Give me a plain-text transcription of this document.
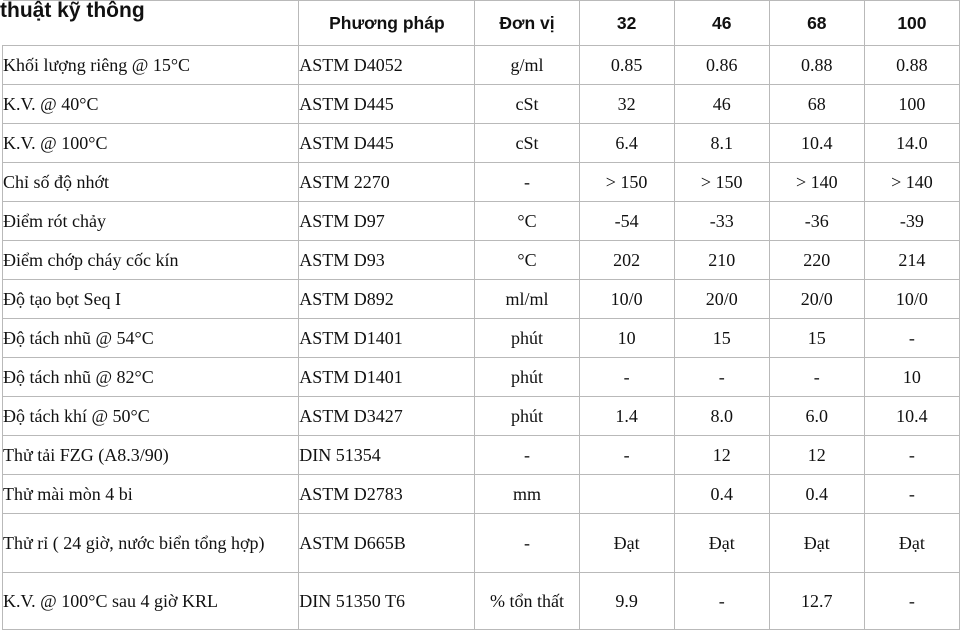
thuật kỹ thông
	Phương pháp	Đơn vị	32	46	68	100
Khối lượng riêng @ 15°C	ASTM D4052	g/ml	0.85	0.86	0.88	0.88
K.V. @ 40°C	ASTM D445	cSt	32	46	68	100
K.V. @ 100°C	ASTM D445	cSt	6.4	8.1	10.4	14.0
Chỉ số độ nhớt	ASTM 2270	-	> 150	> 150	> 140	> 140
Điểm rót chảy	ASTM D97	°C	-54	-33	-36	-39
Điểm chớp cháy cốc kín	ASTM D93	°C	202	210	220	214
Độ tạo bọt Seq I	ASTM D892	ml/ml	10/0	20/0	20/0	10/0
Độ tách nhũ @ 54°C	ASTM D1401	phút	10	15	15	-
Độ tách nhũ @ 82°C	ASTM D1401	phút	-	-	-	10
Độ tách khí @ 50°C	ASTM D3427	phút	1.4	8.0	6.0	10.4
Thử tải FZG (A8.3/90)	DIN 51354	-	-	12	12	-
Thử mài mòn 4 bi	ASTM D2783	mm		0.4	0.4	-
Thử rỉ ( 24 giờ, nước biển tổng hợp)	ASTM D665B	-	Đạt	Đạt	Đạt	Đạt
K.V. @ 100°C sau 4 giờ KRL	DIN 51350 T6	% tổn thất	9.9	-	12.7	-
